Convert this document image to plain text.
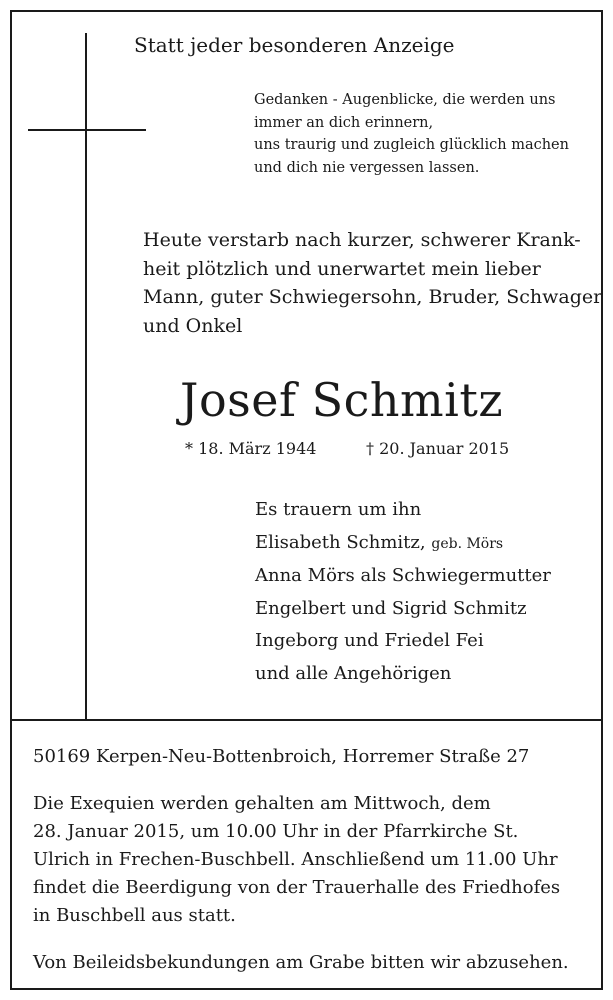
Statt jeder besonderen Anzeige
Gedanken - Augenblicke, die werden uns
immer an dich erinnern,
uns traurig und zugleich glücklich machen
und dich nie vergessen lassen.
Heute verstarb nach kurzer, schwerer Krank-
heit plötzlich und unerwartet mein lieber
Mann, guter Schwiegersohn, Bruder, Schwager
und Onkel
Josef Schmitz
* 18. März 1944	† 20. Januar 2015
Es trauern um ihn
Elisabeth Schmitz, geb. Mörs
Anna Mörs als Schwiegermutter
Engelbert und Sigrid Schmitz
Ingeborg und Friedel Fei
und alle Angehörigen
50169 Kerpen-Neu-Bottenbroich, Horremer Straße 27
Die Exequien werden gehalten am Mittwoch, dem
28. Januar 2015, um 10.00 Uhr in der Pfarrkirche St.
Ulrich in Frechen-Buschbell. Anschließend um 11.00 Uhr
findet die Beerdigung von der Trauerhalle des Friedhofes
in Buschbell aus statt.
Von Beileidsbekundungen am Grabe bitten wir abzusehen.
